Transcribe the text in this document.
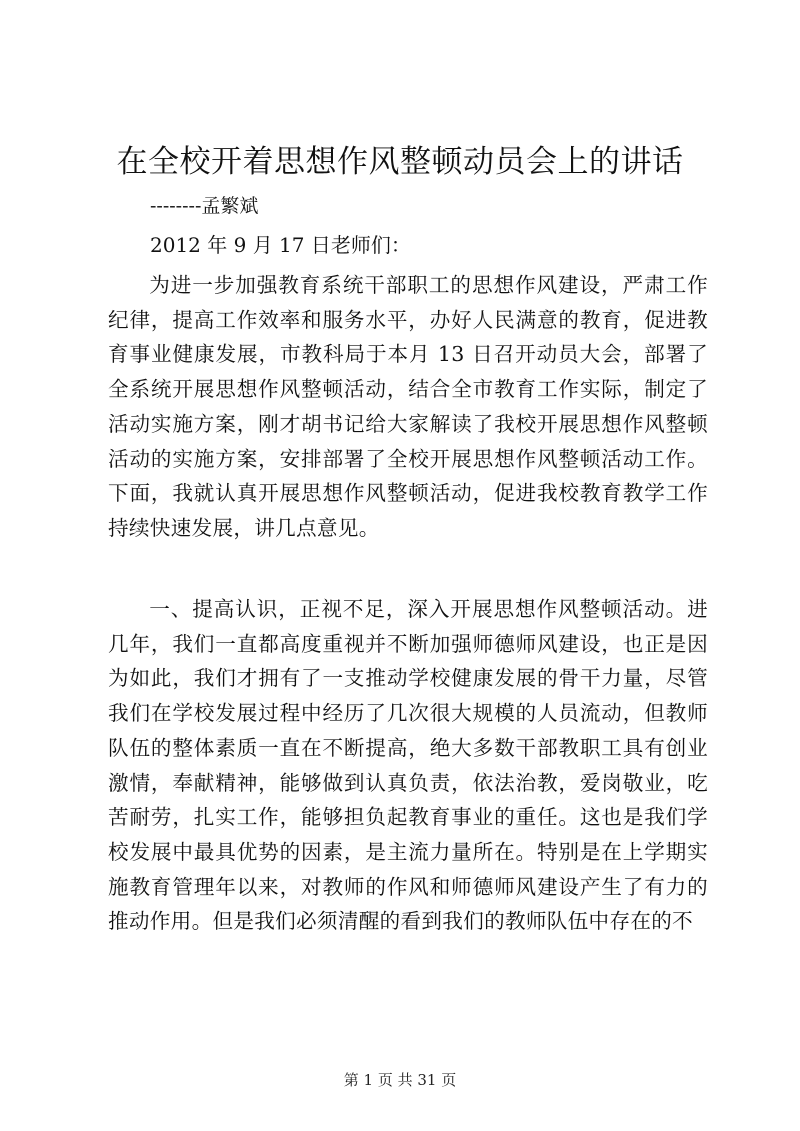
在全校开着思想作风整顿动员会上的讲话
--------孟繁斌
2012 年 9 月 17 日老师们：

为进一步加强教育系统干部职工的思想作风建设，严肃工作纪律，提高工作效率和服务水平，办好人民满意的教育，促进教育事业健康发展，市教科局于本月 13 日召开动员大会，部署了全系统开展思想作风整顿活动，结合全市教育工作实际，制定了活动实施方案，刚才胡书记给大家解读了我校开展思想作风整顿活动的实施方案，安排部署了全校开展思想作风整顿活动工作。下面，我就认真开展思想作风整顿活动，促进我校教育教学工作持续快速发展，讲几点意见。

一、提高认识，正视不足，深入开展思想作风整顿活动。进几年，我们一直都高度重视并不断加强师德师风建设，也正是因为如此，我们才拥有了一支推动学校健康发展的骨干力量，尽管我们在学校发展过程中经历了几次很大规模的人员流动，但教师队伍的整体素质一直在不断提高，绝大多数干部教职工具有创业激情，奉献精神，能够做到认真负责，依法治教，爱岗敬业，吃苦耐劳，扎实工作，能够担负起教育事业的重任。这也是我们学校发展中最具优势的因素，是主流力量所在。特别是在上学期实施教育管理年以来，对教师的作风和师德师风建设产生了有力的推动作用。但是我们必须清醒的看到我们的教师队伍中存在的不

第 1 页 共 31 页
